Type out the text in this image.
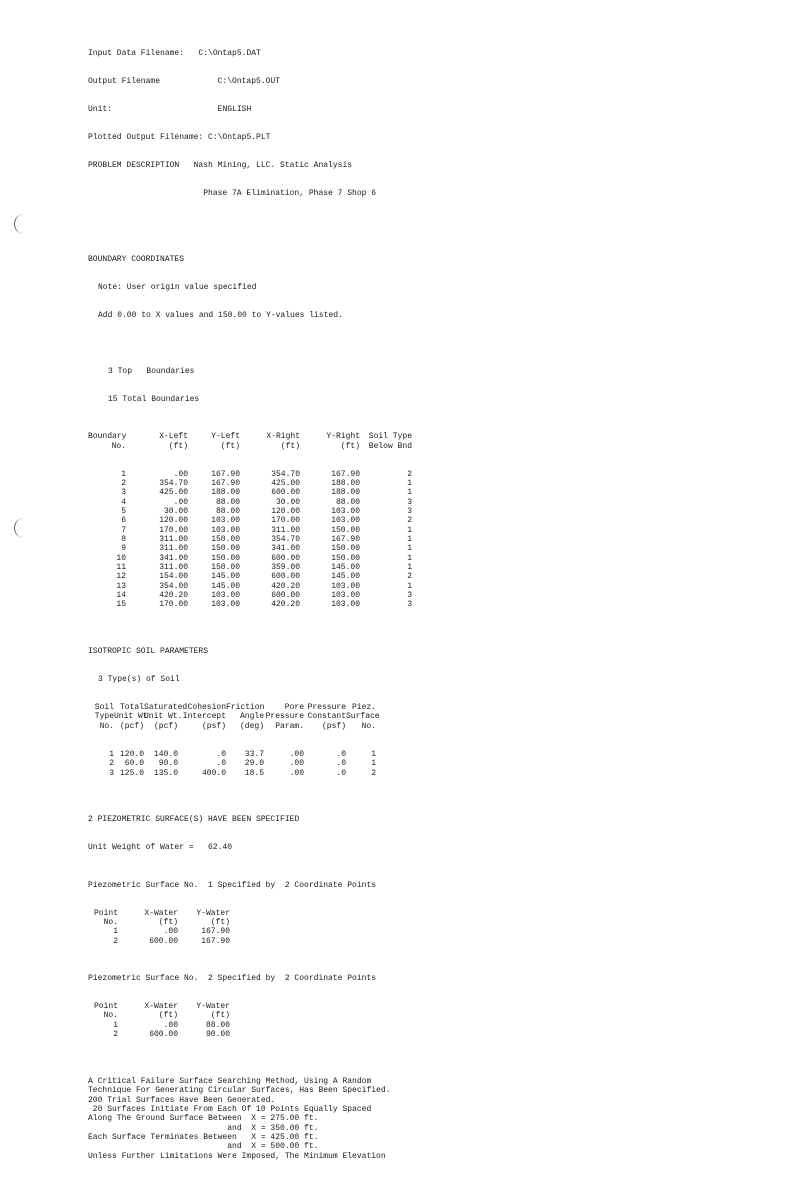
Input Data Filename: C:\Ontap5.DAT

Output Filename	C:\Ontap5.OUT

Unit:	ENGLISH

Plotted Output Filename: C:\Ontap5.PLT

PROBLEM DESCRIPTION Nash Mining, LLC. Static Analysis

Phase 7A Elimination, Phase 7 Shop 6

BOUNDARY COORDINATES

Note: User origin value specified

Add 0.00 to X values and 150.00 to Y-values listed.

3 Top   Boundaries

15 Total Boundaries

Boundary	X-Left	Y-Left	X-Right	Y-Right	Soil Type
No.	(ft)	(ft)	(ft)	(ft)	Below Bnd

1	.00	167.90	354.70	167.90	2
2	354.70	167.90	425.00	188.00	1
3	425.00	188.00	600.00	188.00	1
4	.00	88.00	30.00	88.00	3
5	30.00	88.00	120.00	103.00	3
6	120.00	103.00	170.00	103.00	2
7	170.00	103.00	311.00	150.00	1
8	311.00	150.00	354.70	167.90	1
9	311.00	150.00	341.00	150.00	1
10	341.00	150.00	600.00	150.00	1
11	311.00	150.00	359.00	145.00	1
12	154.00	145.00	600.00	145.00	2
13	354.00	145.00	420.20	103.00	1
14	420.20	103.00	600.00	103.00	3
15	170.00	103.00	420.20	103.00	3

ISOTROPIC SOIL PARAMETERS

3 Type(s) of Soil

Soil Total Saturated Cohesion Friction	Pore Pressure Piez.
Type Unit Wt.
Unit Wt. Intercept	Angle Pressure Constant Surface
No. (pcf)	(pcf)	(psf)	(deg)	Param.	(psf)	No.

1 120.0	140.0	.0	33.7	.00	.0	1
2	60.0	90.0	.0	29.0	.00	.0	1
3 125.0	135.0	400.0	18.5	.00	.0	2

2 PIEZOMETRIC SURFACE(S) HAVE BEEN SPECIFIED

Unit Weight of Water =   62.40

Piezometric Surface No.  1 Specified by  2 Coordinate Points

Point	X-Water	Y-Water
No.	(ft)	(ft)
1	.00	167.90
2	600.00	167.90

Piezometric Surface No.  2 Specified by  2 Coordinate Points

Point	X-Water	Y-Water
No.	(ft)	(ft)
1	.00	88.00
2	600.00	90.00

A Critical Failure Surface Searching Method, Using A Random
Technique For Generating Circular Surfaces, Has Been Specified.
200 Trial Surfaces Have Been Generated.
20 Surfaces Initiate From Each Of 10 Points Equally Spaced
Along The Ground Surface Between  X = 275.00 ft.
and  X = 350.00 ft.
Each Surface Terminates Between   X = 425.00 ft.
and  X = 500.00 ft.
Unless Further Limitations Were Imposed, The Minimum Elevation
